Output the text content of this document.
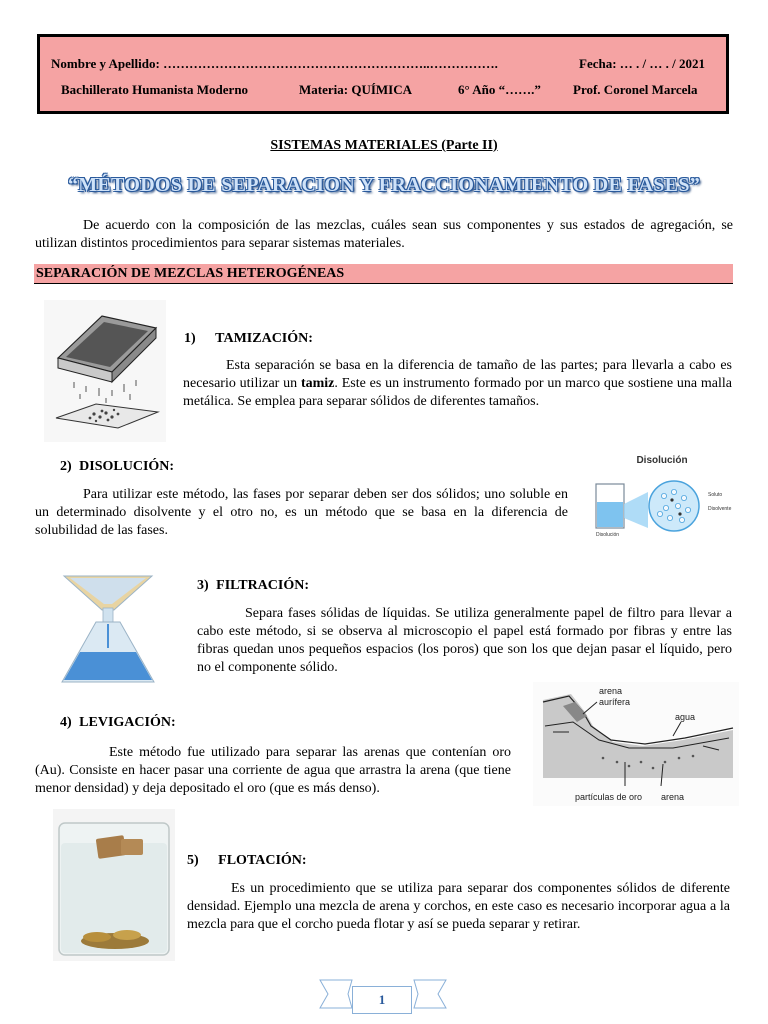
Nombre y Apellido: ……………………………………………………..…………….	Fecha: … . / … . / 2021
Bachillerato Humanista Moderno	Materia: QUÍMICA	6° Año “…….” Prof. Coronel Marcela
SISTEMAS MATERIALES (Parte II)
“MÉTODOS DE SEPARACION Y FRACCIONAMIENTO DE FASES”
De acuerdo con la composición de las mezclas, cuáles sean sus componentes y sus estados de agregación, se utilizan distintos procedimientos para separar sistemas materiales.
SEPARACIÓN DE MEZCLAS HETEROGÉNEAS
1) TAMIZACIÓN:
Esta separación se basa en la diferencia de tamaño de las partes; para llevarla a cabo es necesario utilizar un tamiz. Este es un instrumento formado por un marco que sostiene una malla metálica. Se emplea para separar sólidos de diferentes tamaños.
2) DISOLUCIÓN:
Para utilizar este método, las fases por separar deben ser dos sólidos; uno soluble en un determinado disolvente y el otro no, es un método que se basa en la diferencia de solubilidad de las fases.
Disolución
Soluto
Disolvente
Disolución
3) FILTRACIÓN:
Separa fases sólidas de líquidas. Se utiliza generalmente papel de filtro para llevar a cabo este método, si se observa al microscopio el papel está formado por fibras y entre las fibras quedan unos pequeños espacios (los poros) que son los que dejan pasar el líquido, pero no el componente sólido.
arena
aurífera
agua
partículas de oro arena
4) LEVIGACIÓN:
Este método fue utilizado para separar las arenas que contenían oro (Au). Consiste en hacer pasar una corriente de agua que arrastra la arena (que tiene menor densidad) y deja depositado el oro (que es más denso).
5) FLOTACIÓN:
Es un procedimiento que se utiliza para separar dos componentes sólidos de diferente densidad. Ejemplo una mezcla de arena y corchos, en este caso es necesario incorporar agua a la mezcla para que el corcho pueda flotar y así se pueda separar y retirar.
1
